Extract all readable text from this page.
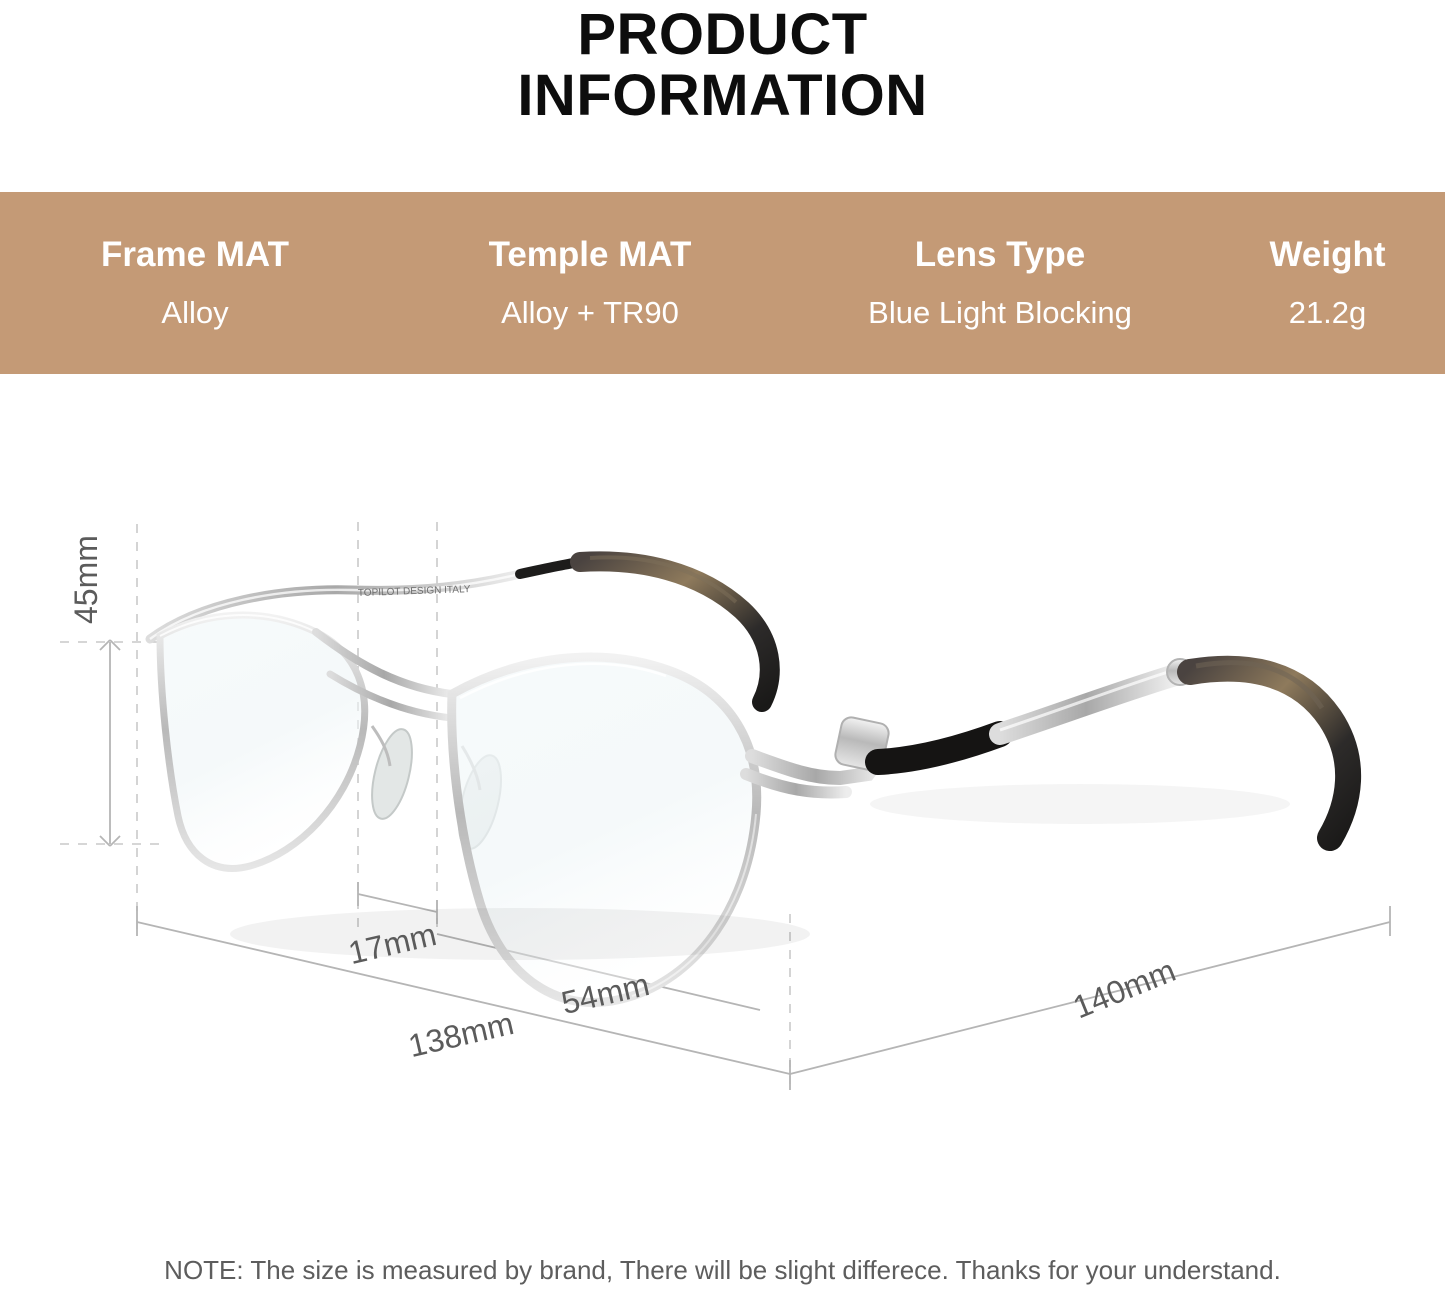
PRODUCT
INFORMATION
Frame MAT
Alloy
Temple MAT
Alloy + TR90
Lens Type
Blue Light Blocking
Weight
21.2g
TOPILOT DESIGN ITALY
45mm
17mm
54mm
138mm
140mm
NOTE: The size is measured by brand, There will be slight differece. Thanks for your understand.
